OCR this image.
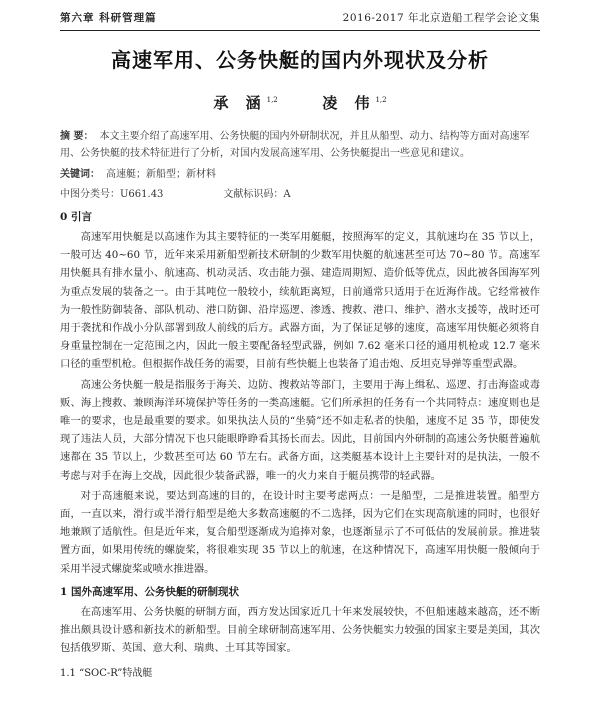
第六章 科研管理篇	2016-2017 年北京造船工程学会论文集
高速军用、公务快艇的国内外现状及分析
承 涵$^{1,2}$	凌 伟$^{1,2}$
摘 要： 本文主要介绍了高速军用、公务快艇的国内外研制状况，并且从船型、动力、结构等方面对高速军用、公务快艇的技术特征进行了分析，对国内发展高速军用、公务快艇提出一些意见和建议。
关键词： 高速艇；新船型；新材料
中图分类号：U661.43	文献标识码：A
0 引言

高速军用快艇是以高速作为其主要特征的一类军用艇艇，按照海军的定义，其航速均在 35 节以上，一般可达 40~60 节，近年来采用新船型新技术研制的少数军用快艇的航速甚至可达 70~80 节。高速军用快艇具有排水量小、航速高、机动灵活、攻击能力强、建造周期短、造价低等优点，因此被各国海军列为重点发展的装备之一。由于其吨位一般较小，续航距离短，日前通常只适用于在近海作战。它经常被作为一般性防御装备、部队机动、港口防御、沿岸巡逻、渗透、搜救、港口、维护、潜水支援等，战时还可用于袭扰和作战小分队部署到敌人前线的后方。武器方面，为了保证足够的速度，高速军用快艇必须将自身重量控制在一定范围之内，因此一般主要配备轻型武器，例如 7.62 毫米口径的通用机枪或 12.7 毫米口径的重型机枪。但根据作战任务的需要，目前有些快艇上也装备了追击炮、反坦克导弹等重型武器。

高速公务快艇一般是指服务于海关、边防、搜救站等部门，主要用于海上缉私、巡逻、打击海盗或毒贩、海上搜救、兼顾海洋环境保护等任务的一类高速艇。它们所承担的任务有一个共同特点：速度则也是唯一的要求，也是最重要的要求。如果执法人员的“坐骑”还不如走私者的快船，速度不足 35 节，即使发现了违法人员，大部分情况下也只能眼睁睁看其扬长而去。因此，目前国内外研制的高速公务快艇普遍航速都在 35 节以上，少数甚至可达 60 节左右。武备方面，这类艇基本设计上主要针对的是执法，一般不考虑与对手在海上交战，因此很少装备武器，唯一的火力来自于艇员携带的轻武器。

对于高速艇来说，要达到高速的目的，在设计时主要考虑两点：一是船型，二是推进装置。船型方面，一直以来，滑行或半滑行船型是绝大多数高速艇的不二选择，因为它们在实现高航速的同时，也很好地兼顾了适航性。但是近年来，复合船型逐渐成为追捧对象，也逐渐显示了不可低估的发展前景。推进装置方面，如果用传统的螺旋桨，将很难实现 35 节以上的航速，在这种情况下，高速军用快艇一般倾向于采用半浸式螺旋桨或喷水推进器。

1 国外高速军用、公务快艇的研制现状

在高速军用、公务快艇的研制方面，西方发达国家近几十年来发展较快，不但船速越来越高，还不断推出颇具设计感和新技术的新船型。目前全球研制高速军用、公务快艇实力较强的国家主要是美国，其次包括俄罗斯、英国、意大利、瑞典、土耳其等国家。

1.1 “SOC-R”特战艇
